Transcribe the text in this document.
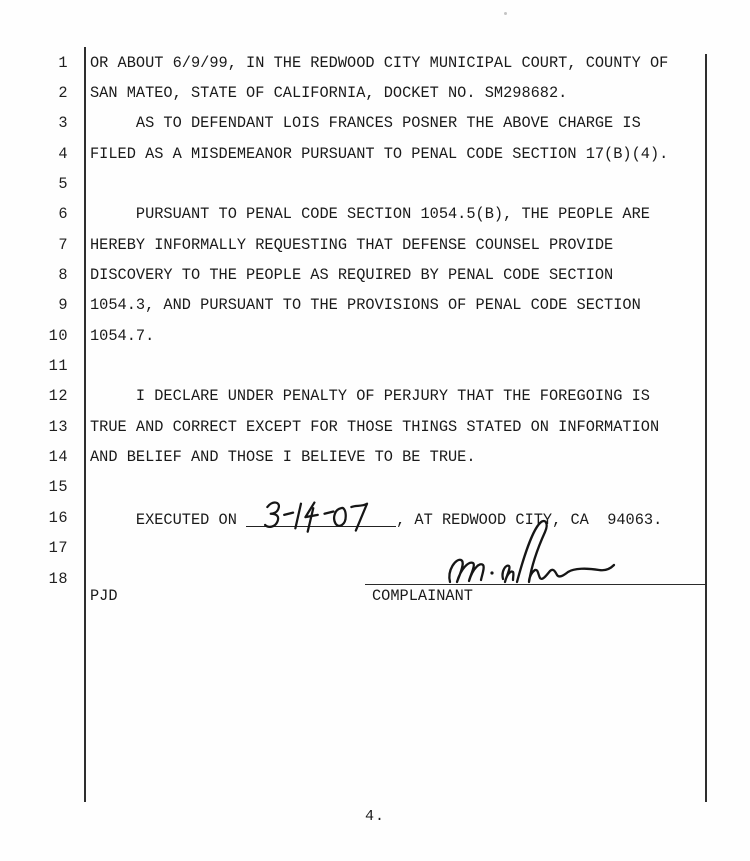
1	OR ABOUT 6/9/99, IN THE REDWOOD CITY MUNICIPAL COURT, COUNTY OF
2	SAN MATEO, STATE OF CALIFORNIA, DOCKET NO. SM298682.
3	AS TO DEFENDANT LOIS FRANCES POSNER THE ABOVE CHARGE IS
4	FILED AS A MISDEMEANOR PURSUANT TO PENAL CODE SECTION 17(B)(4).
5
6	PURSUANT TO PENAL CODE SECTION 1054.5(B), THE PEOPLE ARE
7	HEREBY INFORMALLY REQUESTING THAT DEFENSE COUNSEL PROVIDE
8	DISCOVERY TO THE PEOPLE AS REQUIRED BY PENAL CODE SECTION
9	1054.3, AND PURSUANT TO THE PROVISIONS OF PENAL CODE SECTION
10	1054.7.
11
12	I DECLARE UNDER PENALTY OF PERJURY THAT THE FOREGOING IS
13	TRUE AND CORRECT EXCEPT FOR THOSE THINGS STATED ON INFORMATION
14	AND BELIEF AND THOSE I BELIEVE TO BE TRUE.
15
16	EXECUTED ON	, AT REDWOOD CITY, CA  94063.
17
18
PJD	COMPLAINANT
4.
